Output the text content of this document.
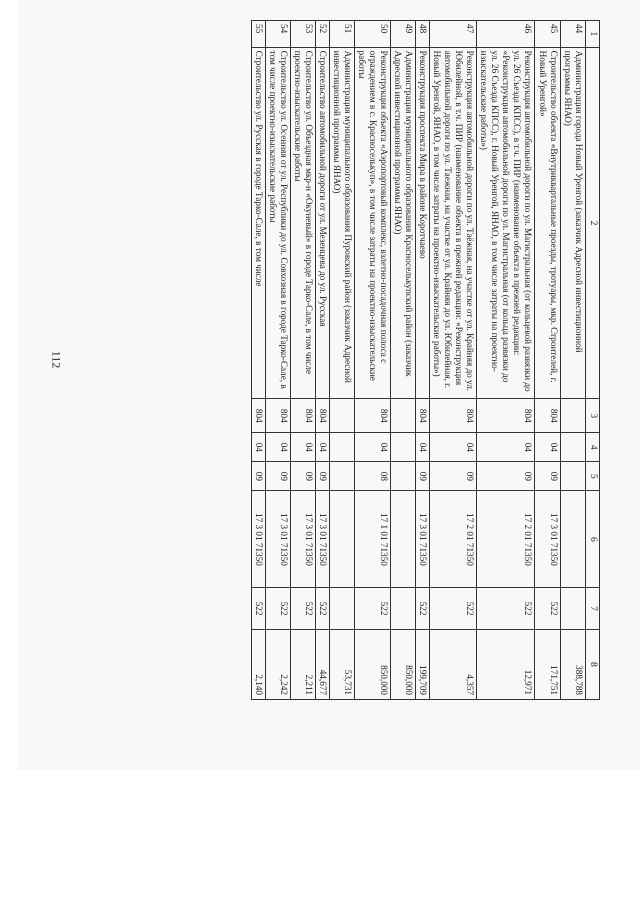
112
1	2	3	4	5	6	7	8
44	Администрация города Новый Уренгой (заказчик Адресной инвестиционной программы ЯНАО)						388,788
45	Строительство объекта «Внутриквартальные проезды, тротуары, мкр. Строителей, г. Новый Уренгой»	804	04	09	17 3 01 71350	522	171,751
46	Реконструкция автомобильной дороги по ул. Магистральная (от кольцевой развязки до ул. 26 Съезда КПСС), в т.ч. ПИР (наименование объекта в прежней редакции: «Реконструкция автомобильной дороги по ул. Магистральная (от кольца развязки до ул. 26 Съезда КПСС), г. Новый Уренгой, ЯНАО, в том числе затраты на проектно-изыскательские работы»)	804	04	09	17 2 01 71350	522	12,971
47	Реконструкция автомобильной дороги по ул. Таёжная, на участке от ул. Крайняя до ул. Юбилейной, в т.ч. ПИР (наименование объекта в прежней редакции: «Реконструкция автомобильной дороги по ул. Таежная, на участке от ул. Крайняя до ул. Юбилейная, г. Новый Уренгой, ЯНАО, в том числе затраты на проектно-изыскательские работы»)	804	04	09	17 2 01 71350	522	4,357
48	Реконструкция проспекта Мира в районе Коротчаево	804	04	09	17 3 01 71350	522	199,709
49	Администрация муниципального образования Красноселькупский район (заказчик Адресной инвестиционной программы ЯНАО)						850,000
50	Реконструкция объекта «Аэропортовый комплекс, взлетно-посадочная полоса с ограждением в с. Красноселькуп», в том числе затраты на проектно-изыскательские работы	804	04	08	17 1 01 71350	522	850,000
51	Администрация муниципального образования Пуровский район (заказчик Адресной инвестиционной программы ЯНАО)						53,731
52	Строительство автомобильной дороги от ул. Мезенцева до ул. Русская	804	04	09	17 3 01 71350	522	44,677
53	Строительство ул. Объездная мкр-н «Окуневый» в городе Тарко-Сале, в том числе проектно-изыскательские работы	804	04	09	17 3 01 71350	522	2,211
54	Строительство ул. Осенняя от ул. Республики до ул. Совхозная в городе Тарко-Сале, в том числе проектно-изыскательские работы	804	04	09	17 3 01 71350	522	2,242
55	Строительство ул. Русская в городе Тарко-Сале, в том числе	804	04	09	17 3 01 71350	522	2,140
